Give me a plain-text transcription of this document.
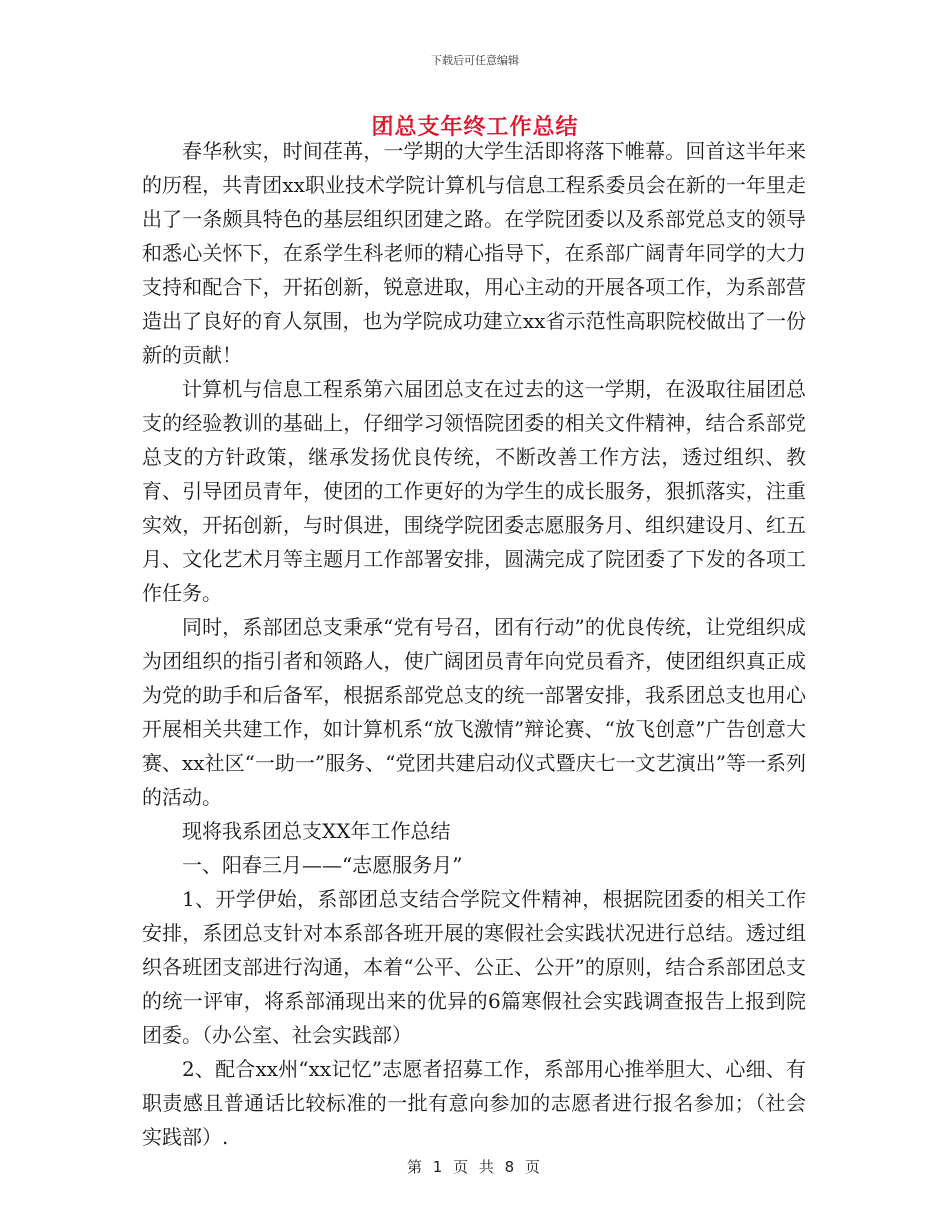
下载后可任意编辑
团总支年终工作总结

春华秋实，时间荏苒，一学期的大学生活即将落下帷幕。回首这半年来的历程，共青团xx职业技术学院计算机与信息工程系委员会在新的一年里走出了一条颇具特色的基层组织团建之路。在学院团委以及系部党总支的领导和悉心关怀下，在系学生科老师的精心指导下，在系部广阔青年同学的大力支持和配合下，开拓创新，锐意进取，用心主动的开展各项工作，为系部营造出了良好的育人氛围，也为学院成功建立xx省示范性高职院校做出了一份新的贡献！

计算机与信息工程系第六届团总支在过去的这一学期，在汲取往届团总支的经验教训的基础上，仔细学习领悟院团委的相关文件精神，结合系部党总支的方针政策，继承发扬优良传统，不断改善工作方法，透过组织、教育、引导团员青年，使团的工作更好的为学生的成长服务，狠抓落实，注重实效，开拓创新，与时俱进，围绕学院团委志愿服务月、组织建设月、红五月、文化艺术月等主题月工作部署安排，圆满完成了院团委了下发的各项工作任务。

同时，系部团总支秉承“党有号召，团有行动”的优良传统，让党组织成为团组织的指引者和领路人，使广阔团员青年向党员看齐，使团组织真正成为党的助手和后备军，根据系部党总支的统一部署安排，我系团总支也用心开展相关共建工作，如计算机系“放飞激情”辩论赛、“放飞创意”广告创意大赛、xx社区“一助一”服务、“党团共建启动仪式暨庆七一文艺演出”等一系列的活动。

现将我系团总支XX年工作总结

一、阳春三月——“志愿服务月”

1、开学伊始，系部团总支结合学院文件精神，根据院团委的相关工作安排，系团总支针对本系部各班开展的寒假社会实践状况进行总结。透过组织各班团支部进行沟通，本着“公平、公正、公开”的原则，结合系部团总支的统一评审，将系部涌现出来的优异的6篇寒假社会实践调查报告上报到院团委。（办公室、社会实践部）

2、配合xx州“xx记忆”志愿者招募工作，系部用心推举胆大、心细、有职责感且普通话比较标准的一批有意向参加的志愿者进行报名参加；（社会实践部）.

第 1 页 共 8 页
